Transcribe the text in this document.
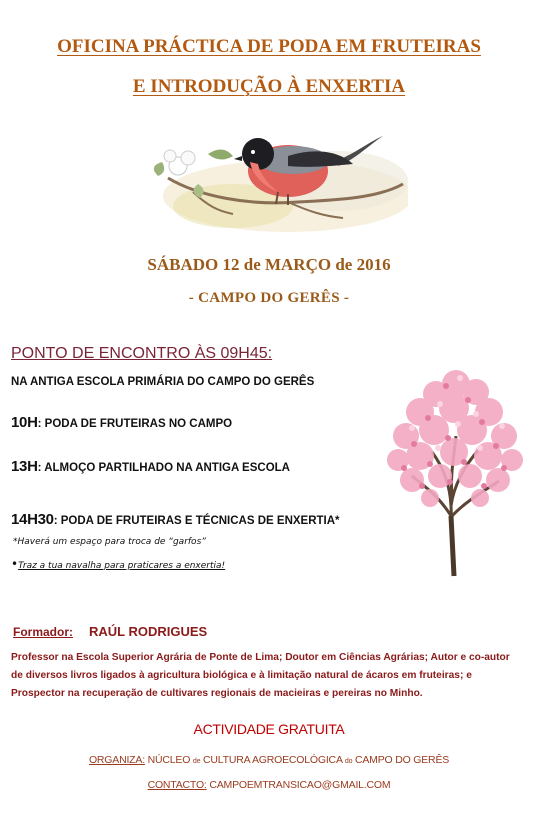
OFICINA PRÁCTICA DE PODA EM FRUTEIRAS
E INTRODUÇÃO À ENXERTIA
SÁBADO 12 de MARÇO de 2016
- CAMPO DO GERÊS -
PONTO DE ENCONTRO ÀS 09H45:
NA ANTIGA ESCOLA PRIMÁRIA DO CAMPO DO GERÊS
10H: PODA DE FRUTEIRAS NO CAMPO
13H: ALMOÇO PARTILHADO NA ANTIGA ESCOLA
14H30: PODA DE FRUTEIRAS E TÉCNICAS DE ENXERTIA*
*Haverá um espaço para troca de “garfos”
•Traz a tua navalha para praticares a enxertia!
Formador: RAÚL RODRIGUES
Professor na Escola Superior Agrária de Ponte de Lima; Doutor em Ciências Agrárias; Autor e co-autor de diversos livros ligados à agricultura biológica e à limitação natural de ácaros em fruteiras; e Prospector na recuperação de cultivares regionais de macieiras e pereiras no Minho.
ACTIVIDADE GRATUITA
ORGANIZA: NÚCLEO de CULTURA AGROECOLÓGICA do CAMPO DO GERÊS
CONTACTO: CAMPOEMTRANSICAO@GMAIL.COM
